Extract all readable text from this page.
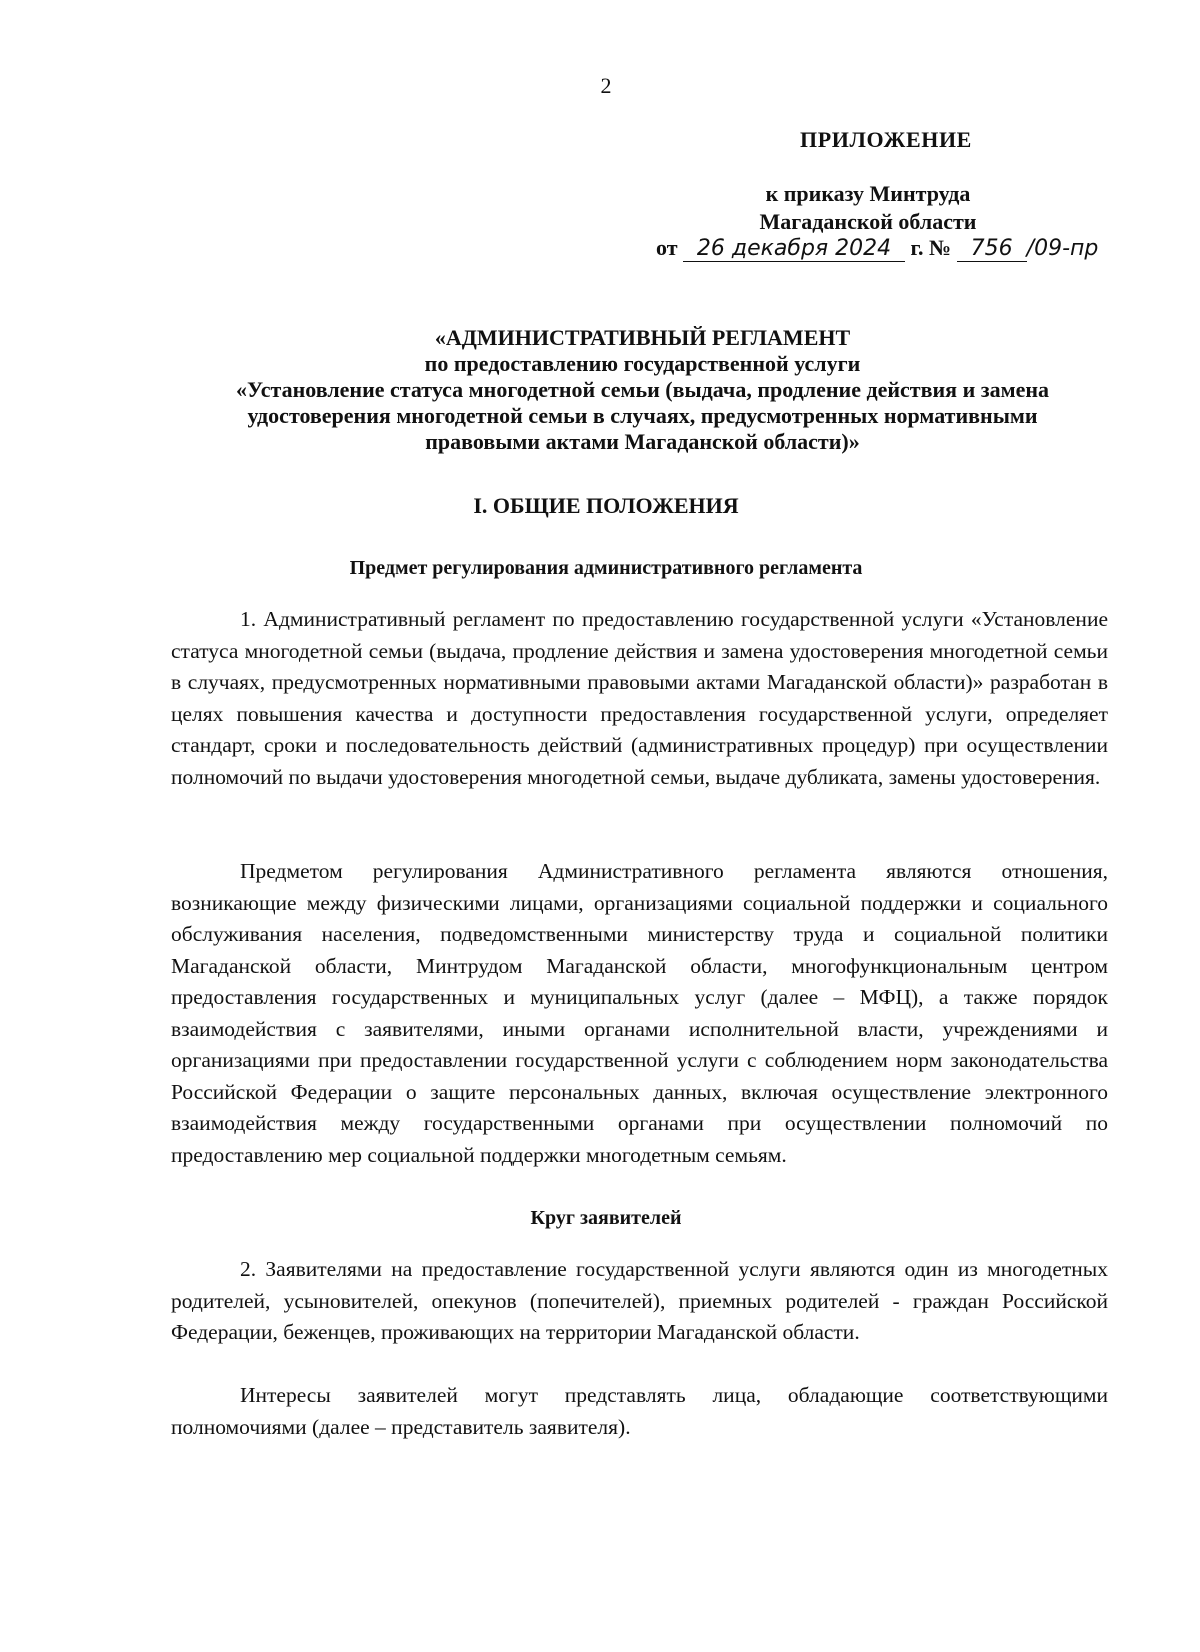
2
ПРИЛОЖЕНИЕ
к приказу Минтруда
Магаданской области
от 26 декабря 2024 г. № 756 /09-пр
«АДМИНИСТРАТИВНЫЙ РЕГЛАМЕНТ
по предоставлению государственной услуги
«Установление статуса многодетной семьи (выдача, продление действия и замена
удостоверения многодетной семьи в случаях, предусмотренных нормативными
правовыми актами Магаданской области)»
I. ОБЩИЕ ПОЛОЖЕНИЯ
Предмет регулирования административного регламента

1. Административный регламент по предоставлению государственной услуги «Установление статуса многодетной семьи (выдача, продление действия и замена удостоверения многодетной семьи в случаях, предусмотренных нормативными правовыми актами Магаданской области)» разработан в целях повышения качества и доступности предоставления государственной услуги, определяет стандарт, сроки и последовательность действий (административных процедур) при осуществлении полномочий по выдачи удостоверения многодетной семьи, выдаче дубликата, замены удостоверения.

Предметом регулирования Административного регламента являются отношения, возникающие между физическими лицами, организациями социальной поддержки и социального обслуживания населения, подведомственными министерству труда и социальной политики Магаданской области, Минтрудом Магаданской области, многофункциональным центром предоставления государственных и муниципальных услуг (далее – МФЦ), а также порядок взаимодействия с заявителями, иными органами исполнительной власти, учреждениями и организациями при предоставлении государственной услуги с соблюдением норм законодательства Российской Федерации о защите персональных данных, включая осуществление электронного взаимодействия между государственными органами при осуществлении полномочий по предоставлению мер социальной поддержки многодетным семьям.

Круг заявителей

2. Заявителями на предоставление государственной услуги являются один из многодетных родителей, усыновителей, опекунов (попечителей), приемных родителей - граждан Российской Федерации, беженцев, проживающих на территории Магаданской области.

Интересы заявителей могут представлять лица, обладающие соответствующими полномочиями (далее – представитель заявителя).
